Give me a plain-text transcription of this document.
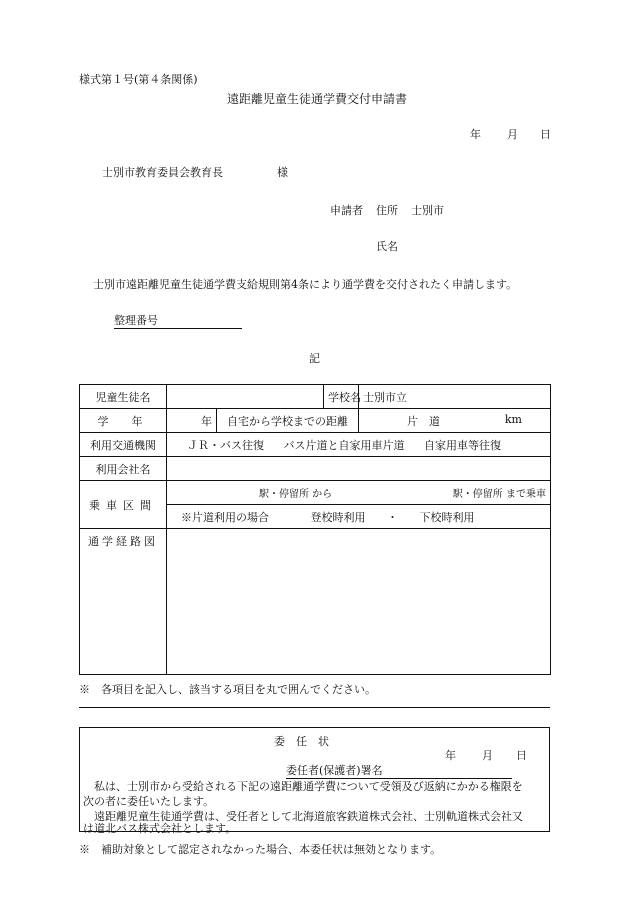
様式第１号(第４条関係)
遠距離児童生徒通学費交付申請書
年 月 日
士別市教育委員会教育長	様
申請者 住所 士別市
氏名
士別市遠距離児童生徒通学費支給規則第4条により通学費を交付されたく申請します。
整理番号
記
児童生徒名			学校名	士別市立
学　年	年	自宅から学校までの距離		片　道 km

利用交通機関	ＪＲ・バス往復 バス片道と自家用車片道 自家用車等往復			
利用会社名				
乗車区間	駅・停留所 から 駅・停留所 まで乗車			

	※片道利用の場合 登校時利用 ・ 下校時利用			
通学経路図				

※　各項目を記入し、該当する項目を丸で囲んでください。
委　任　状
年 月 日
委任者(保護者)署名
　私は、士別市から受給される下記の遠距離通学費について受領及び返納にかかる権限を
次の者に委任いたします。
　遠距離児童生徒通学費は、受任者として北海道旅客鉄道株式会社、士別軌道株式会社又
は道北バス株式会社とします。
※　補助対象として認定されなかった場合、本委任状は無効となります。
